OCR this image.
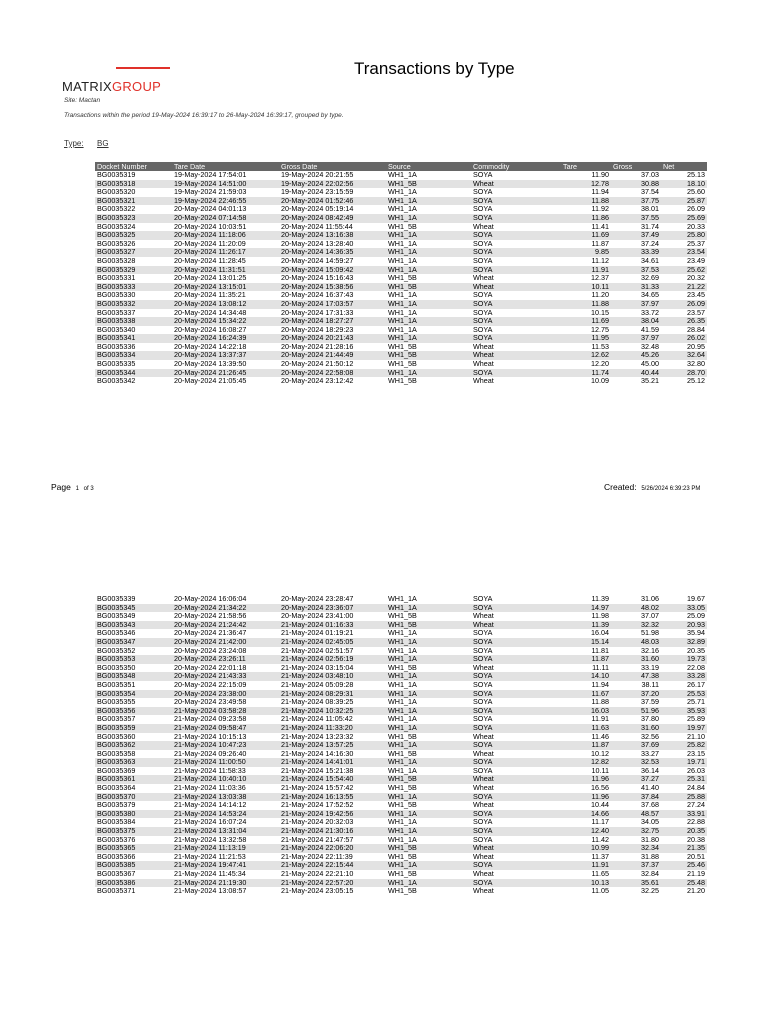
MATRIXGROUP
Transactions by Type
Site: Mactan
Transactions within the period 19-May-2024 16:39:17 to 26-May-2024 16:39:17, grouped by type.
Type: BG
Docket Number	Tare Date	Gross Date	Source	Commodity	Tare	Gross	Net
BG0035319	19-May-2024 17:54:01	19-May-2024 20:21:55	WH1_1A	SOYA	11.90	37.03	25.13
BG0035318	19-May-2024 14:51:00	19-May-2024 22:02:56	WH1_5B	Wheat	12.78	30.88	18.10
BG0035320	19-May-2024 21:59:03	19-May-2024 23:15:59	WH1_1A	SOYA	11.94	37.54	25.60
BG0035321	19-May-2024 22:46:55	20-May-2024 01:52:46	WH1_1A	SOYA	11.88	37.75	25.87
BG0035322	20-May-2024 04:01:13	20-May-2024 05:19:14	WH1_1A	SOYA	11.92	38.01	26.09
BG0035323	20-May-2024 07:14:58	20-May-2024 08:42:49	WH1_1A	SOYA	11.86	37.55	25.69
BG0035324	20-May-2024 10:03:51	20-May-2024 11:55:44	WH1_5B	Wheat	11.41	31.74	20.33
BG0035325	20-May-2024 11:18:06	20-May-2024 13:16:38	WH1_1A	SOYA	11.69	37.49	25.80
BG0035326	20-May-2024 11:20:09	20-May-2024 13:28:40	WH1_1A	SOYA	11.87	37.24	25.37
BG0035327	20-May-2024 11:26:17	20-May-2024 14:36:35	WH1_1A	SOYA	9.85	33.39	23.54
BG0035328	20-May-2024 11:28:45	20-May-2024 14:59:27	WH1_1A	SOYA	11.12	34.61	23.49
BG0035329	20-May-2024 11:31:51	20-May-2024 15:09:42	WH1_1A	SOYA	11.91	37.53	25.62
BG0035331	20-May-2024 13:01:25	20-May-2024 15:16:43	WH1_5B	Wheat	12.37	32.69	20.32
BG0035333	20-May-2024 13:15:01	20-May-2024 15:38:56	WH1_5B	Wheat	10.11	31.33	21.22
BG0035330	20-May-2024 11:35:21	20-May-2024 16:37:43	WH1_1A	SOYA	11.20	34.65	23.45
BG0035332	20-May-2024 13:08:12	20-May-2024 17:03:57	WH1_1A	SOYA	11.88	37.97	26.09
BG0035337	20-May-2024 14:34:48	20-May-2024 17:31:33	WH1_1A	SOYA	10.15	33.72	23.57
BG0035338	20-May-2024 15:34:22	20-May-2024 18:27:27	WH1_1A	SOYA	11.69	38.04	26.35
BG0035340	20-May-2024 16:08:27	20-May-2024 18:29:23	WH1_1A	SOYA	12.75	41.59	28.84
BG0035341	20-May-2024 16:24:39	20-May-2024 20:21:43	WH1_1A	SOYA	11.95	37.97	26.02
BG0035336	20-May-2024 14:22:18	20-May-2024 21:28:16	WH1_5B	Wheat	11.53	32.48	20.95
BG0035334	20-May-2024 13:37:37	20-May-2024 21:44:49	WH1_5B	Wheat	12.62	45.26	32.64
BG0035335	20-May-2024 13:39:50	20-May-2024 21:50:12	WH1_5B	Wheat	12.20	45.00	32.80
BG0035344	20-May-2024 21:26:45	20-May-2024 22:58:08	WH1_1A	SOYA	11.74	40.44	28.70
BG0035342	20-May-2024 21:05:45	20-May-2024 23:12:42	WH1_5B	Wheat	10.09	35.21	25.12
Page 1 of 3	Created: 5/26/2024 6:39:23 PM
BG0035339	20-May-2024 16:06:04	20-May-2024 23:28:47	WH1_1A	SOYA	11.39	31.06	19.67
BG0035345	20-May-2024 21:34:22	20-May-2024 23:36:07	WH1_1A	SOYA	14.97	48.02	33.05
BG0035349	20-May-2024 21:58:56	20-May-2024 23:41:00	WH1_5B	Wheat	11.98	37.07	25.09
BG0035343	20-May-2024 21:24:42	21-May-2024 01:16:33	WH1_5B	Wheat	11.39	32.32	20.93
BG0035346	20-May-2024 21:36:47	21-May-2024 01:19:21	WH1_1A	SOYA	16.04	51.98	35.94
BG0035347	20-May-2024 21:42:00	21-May-2024 02:45:05	WH1_1A	SOYA	15.14	48.03	32.89
BG0035352	20-May-2024 23:24:08	21-May-2024 02:51:57	WH1_1A	SOYA	11.81	32.16	20.35
BG0035353	20-May-2024 23:26:11	21-May-2024 02:56:19	WH1_1A	SOYA	11.87	31.60	19.73
BG0035350	20-May-2024 22:01:18	21-May-2024 03:15:04	WH1_5B	Wheat	11.11	33.19	22.08
BG0035348	20-May-2024 21:43:33	21-May-2024 03:48:10	WH1_1A	SOYA	14.10	47.38	33.28
BG0035351	20-May-2024 22:15:09	21-May-2024 05:09:28	WH1_1A	SOYA	11.94	38.11	26.17
BG0035354	20-May-2024 23:38:00	21-May-2024 08:29:31	WH1_1A	SOYA	11.67	37.20	25.53
BG0035355	20-May-2024 23:49:58	21-May-2024 08:39:25	WH1_1A	SOYA	11.88	37.59	25.71
BG0035356	21-May-2024 03:58:28	21-May-2024 10:32:25	WH1_1A	SOYA	16.03	51.96	35.93
BG0035357	21-May-2024 09:23:58	21-May-2024 11:05:42	WH1_1A	SOYA	11.91	37.80	25.89
BG0035359	21-May-2024 09:58:47	21-May-2024 11:33:20	WH1_1A	SOYA	11.63	31.60	19.97
BG0035360	21-May-2024 10:15:13	21-May-2024 13:23:32	WH1_5B	Wheat	11.46	32.56	21.10
BG0035362	21-May-2024 10:47:23	21-May-2024 13:57:25	WH1_1A	SOYA	11.87	37.69	25.82
BG0035358	21-May-2024 09:26:40	21-May-2024 14:16:30	WH1_5B	Wheat	10.12	33.27	23.15
BG0035363	21-May-2024 11:00:50	21-May-2024 14:41:01	WH1_1A	SOYA	12.82	32.53	19.71
BG0035369	21-May-2024 11:58:33	21-May-2024 15:21:38	WH1_1A	SOYA	10.11	36.14	26.03
BG0035361	21-May-2024 10:40:10	21-May-2024 15:54:40	WH1_5B	Wheat	11.96	37.27	25.31
BG0035364	21-May-2024 11:03:36	21-May-2024 15:57:42	WH1_5B	Wheat	16.56	41.40	24.84
BG0035370	21-May-2024 13:03:38	21-May-2024 16:13:55	WH1_1A	SOYA	11.96	37.84	25.88
BG0035379	21-May-2024 14:14:12	21-May-2024 17:52:52	WH1_5B	Wheat	10.44	37.68	27.24
BG0035380	21-May-2024 14:53:24	21-May-2024 19:42:56	WH1_1A	SOYA	14.66	48.57	33.91
BG0035384	21-May-2024 16:07:24	21-May-2024 20:32:03	WH1_1A	SOYA	11.17	34.05	22.88
BG0035375	21-May-2024 13:31:04	21-May-2024 21:30:16	WH1_1A	SOYA	12.40	32.75	20.35
BG0035376	21-May-2024 13:32:58	21-May-2024 21:47:57	WH1_1A	SOYA	11.42	31.80	20.38
BG0035365	21-May-2024 11:13:19	21-May-2024 22:06:20	WH1_5B	Wheat	10.99	32.34	21.35
BG0035366	21-May-2024 11:21:53	21-May-2024 22:11:39	WH1_5B	Wheat	11.37	31.88	20.51
BG0035385	21-May-2024 19:47:41	21-May-2024 22:15:44	WH1_1A	SOYA	11.91	37.37	25.46
BG0035367	21-May-2024 11:45:34	21-May-2024 22:21:10	WH1_5B	Wheat	11.65	32.84	21.19
BG0035386	21-May-2024 21:19:30	21-May-2024 22:57:20	WH1_1A	SOYA	10.13	35.61	25.48
BG0035371	21-May-2024 13:08:57	21-May-2024 23:05:15	WH1_5B	Wheat	11.05	32.25	21.20
